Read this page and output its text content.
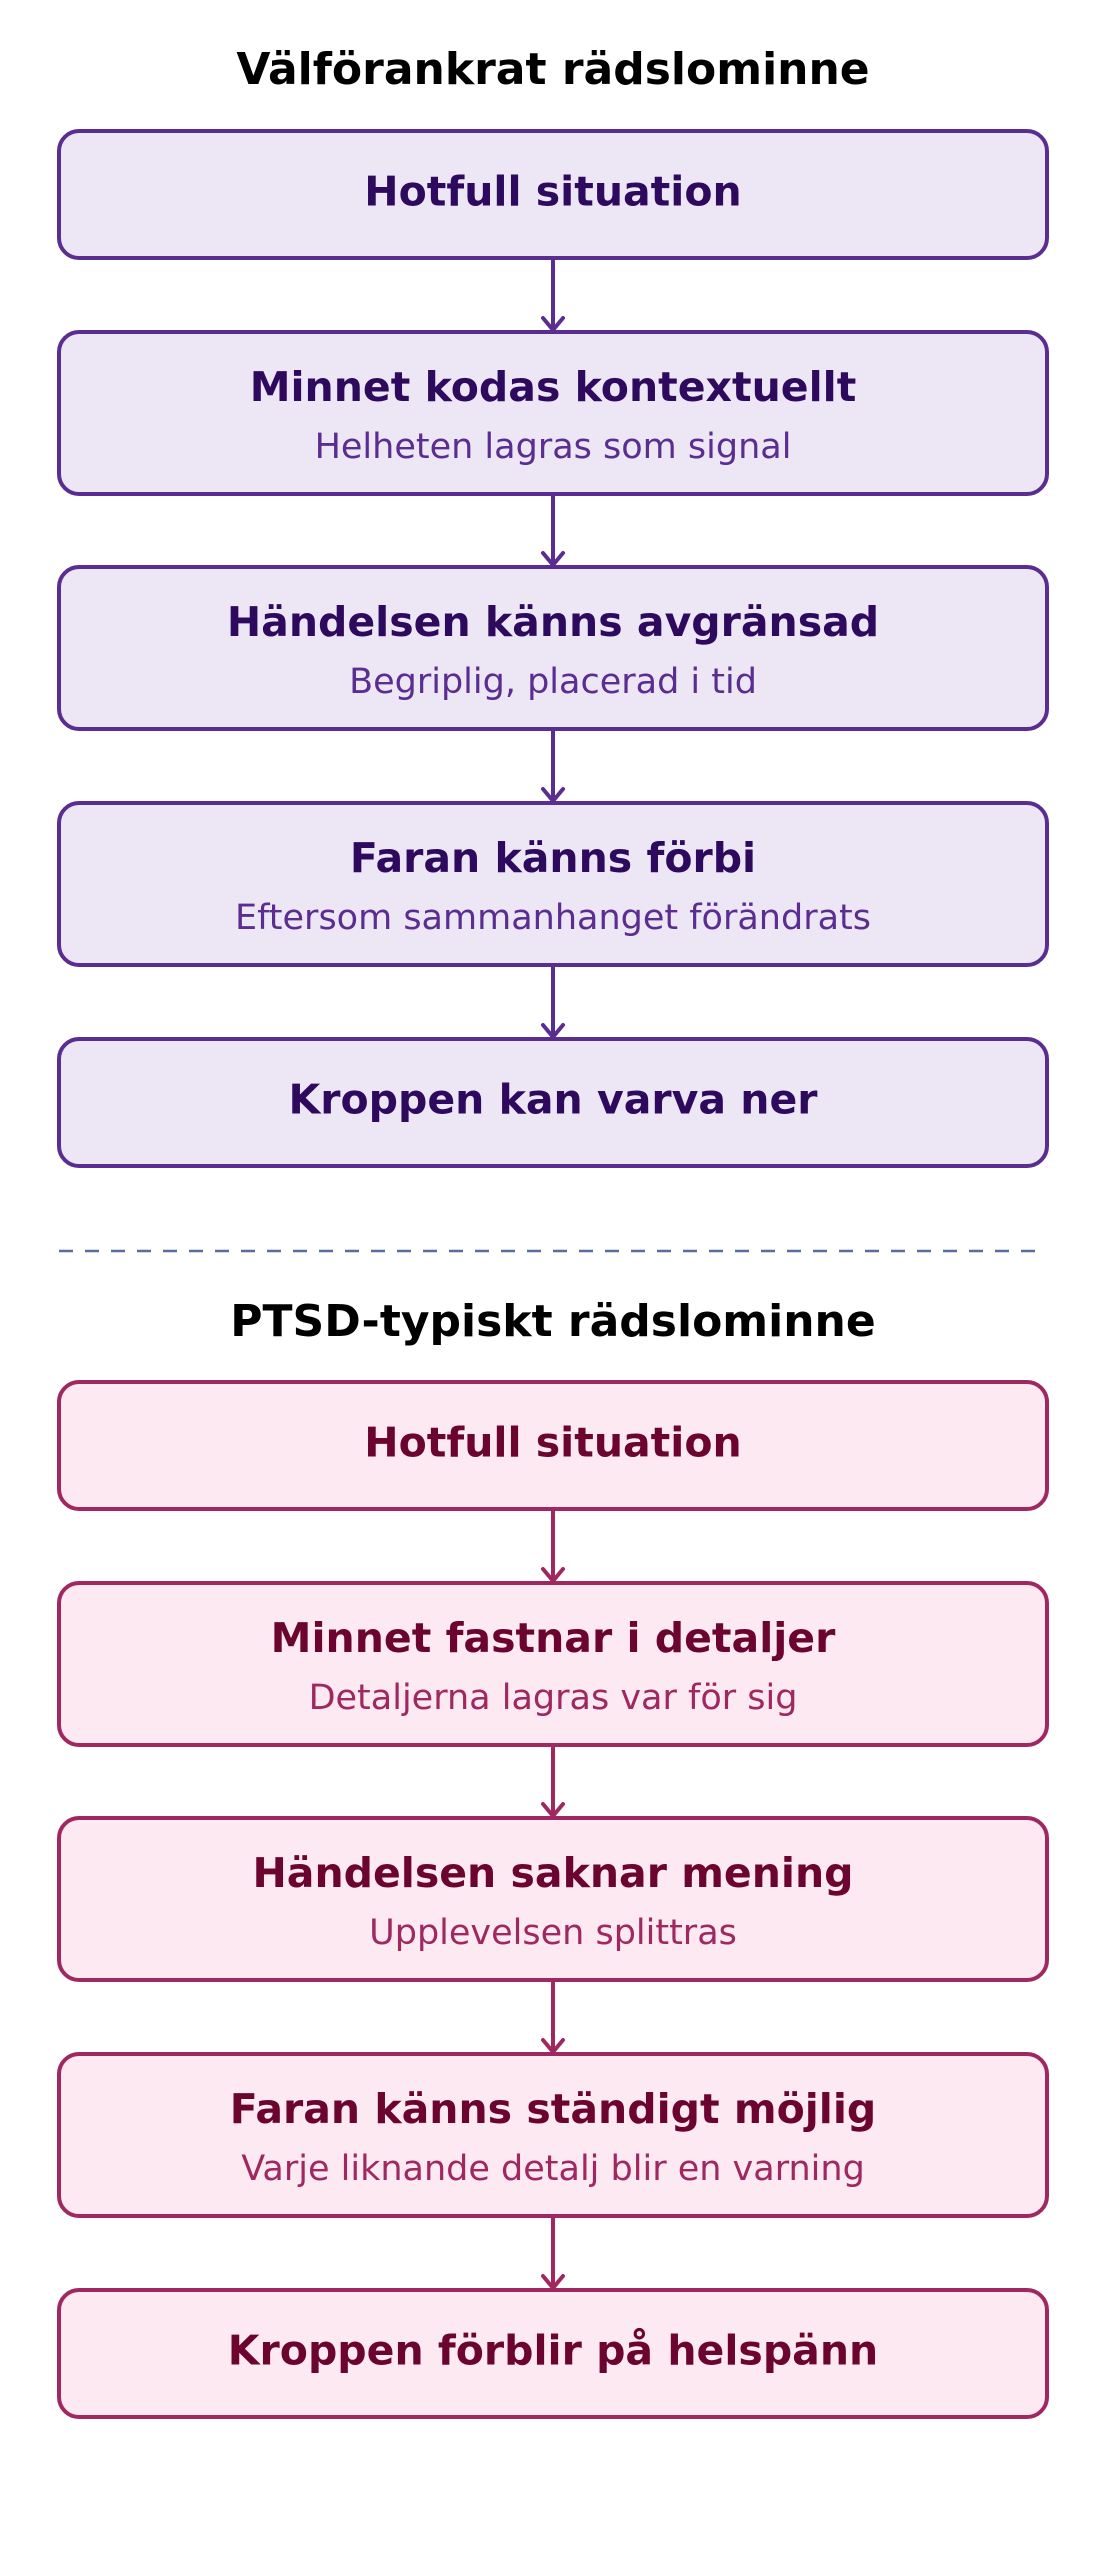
Välförankrat rädslominne
Hotfull situation
Minnet kodas kontextuellt
Helheten lagras som signal
Händelsen känns avgränsad
Begriplig, placerad i tid
Faran känns förbi
Eftersom sammanhanget förändrats
Kroppen kan varva ner
PTSD-typiskt rädslominne
Hotfull situation
Minnet fastnar i detaljer
Detaljerna lagras var för sig
Händelsen saknar mening
Upplevelsen splittras
Faran känns ständigt möjlig
Varje liknande detalj blir en varning
Kroppen förblir på helspänn
